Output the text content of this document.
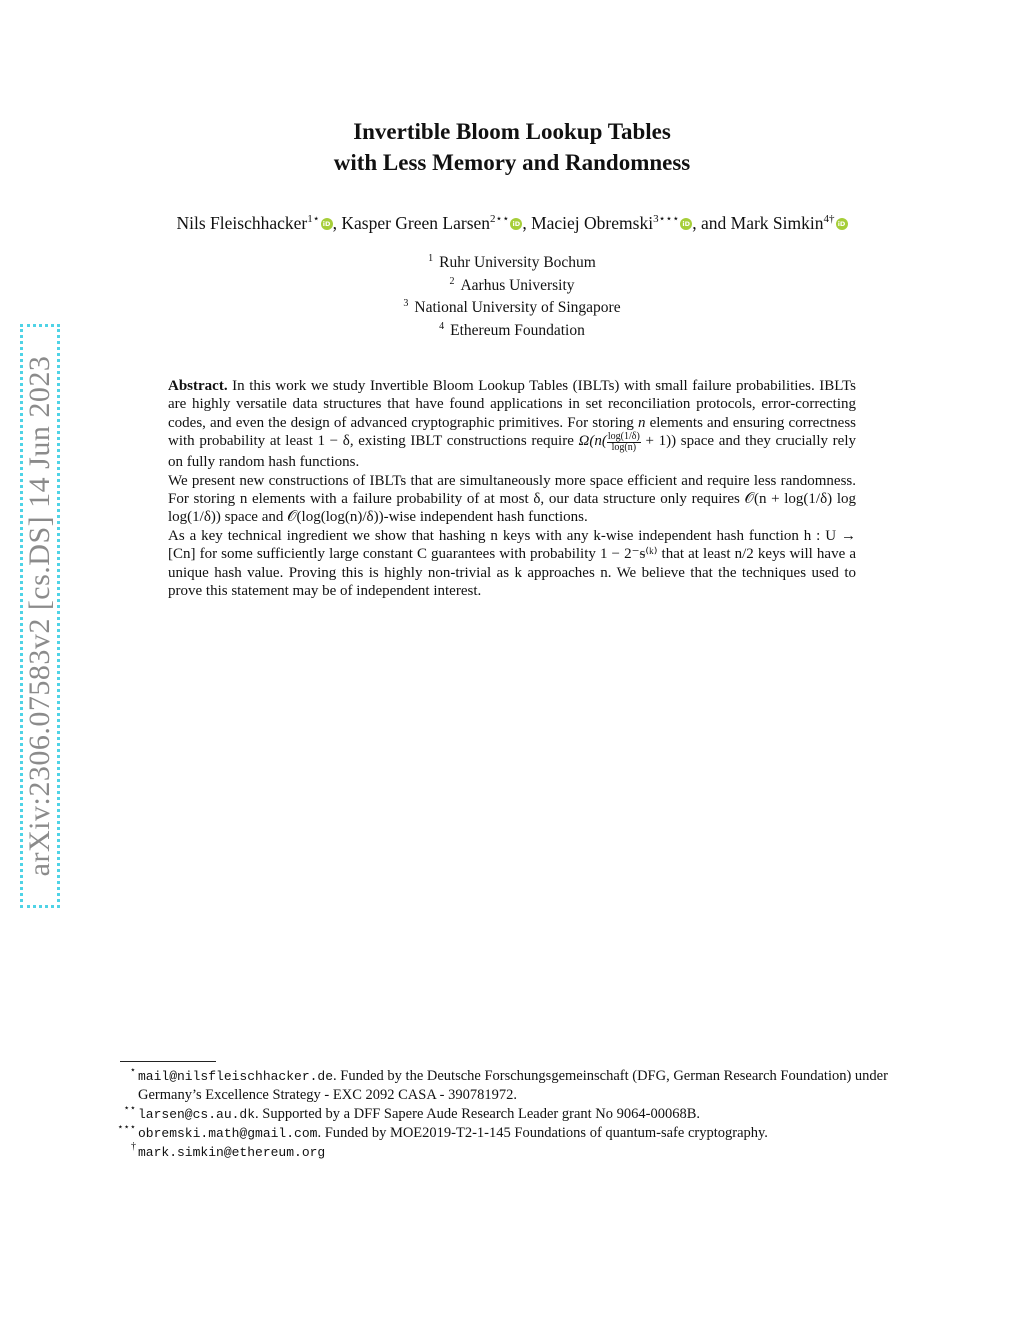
arXiv:2306.07583v2 [cs.DS] 14 Jun 2023
Invertible Bloom Lookup Tables
with Less Memory and Randomness
Nils Fleischhacker$^{1⋆}$ iD , Kasper Green Larsen$^{2⋆⋆}$ iD , Maciej Obremski$^{3⋆⋆⋆}$ iD , and Mark Simkin$^{4\dagger}$iD
$^1$ Ruhr University Bochum
$^2$ Aarhus University
$^3$ National University of Singapore
$^4$ Ethereum Foundation

Abstract. In this work we study Invertible Bloom Lookup Tables (IBLTs) with small failure probabilities. IBLTs are highly versatile data structures that have found applications in set reconciliation protocols, error-correcting codes, and even the design of advanced cryptographic primitives. For storing n elements and ensuring correctness with probability at least 1 − δ, existing IBLT constructions require $\Omega(n( \frac{\log(1/\delta)}{\log(n)} + 1))$ space and they crucially rely on fully random hash functions.

We present new constructions of IBLTs that are simultaneously more space efficient and require less randomness. For storing n elements with a failure probability of at most δ, our data structure only requires 𝒪(n + log(1/δ) log log(1/δ)) space and 𝒪(log(log(n)/δ))-wise independent hash functions.

As a key technical ingredient we show that hashing n keys with any k-wise independent hash function h : U → [Cn] for some sufficiently large constant C guarantees with probability 1 − 2⁻ᵴ⁽ᵏ⁾ that at least n/2 keys will have a unique hash value. Proving this is highly non-trivial as k approaches n. We believe that the techniques used to prove this statement may be of independent interest.

⋆ mail@nilsfleischhacker.de. Funded by the Deutsche Forschungsgemeinschaft (DFG, German Research Foundation) under Germany’s Excellence Strategy - EXC 2092 CASA - 390781972.
⋆⋆ larsen@cs.au.dk. Supported by a DFF Sapere Aude Research Leader grant No 9064-00068B.
⋆⋆⋆ obremski.math@gmail.com. Funded by MOE2019-T2-1-145 Foundations of quantum-safe cryptography.
† mark.simkin@ethereum.org
